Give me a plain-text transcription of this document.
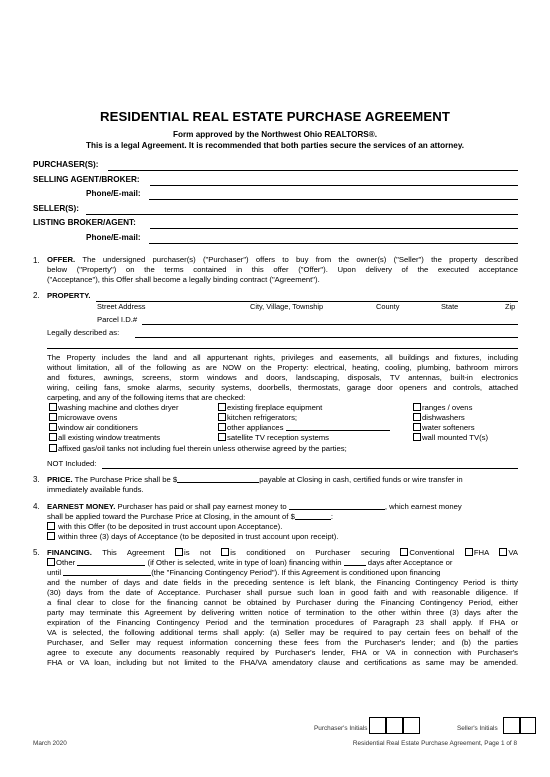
RESIDENTIAL REAL ESTATE PURCHASE AGREEMENT
Form approved by the Northwest Ohio REALTORS®.
This is a legal Agreement. It is recommended that both parties secure the services of an attorney.
PURCHASER(S):
SELLING AGENT/BROKER:
Phone/E-mail:
SELLER(S):
LISTING BROKER/AGENT:
Phone/E-mail:
1. OFFER. The undersigned purchaser(s) ("Purchaser") offers to buy from the owner(s) ("Seller") the property described
below ("Property") on the terms contained in this offer ("Offer"). Upon delivery of the executed acceptance
("Acceptance"), this Offer shall become a legally binding contract ("Agreement").
2. PROPERTY.
Street Address	City, Village, Township	County	State	Zip
Parcel I.D.#
Legally described as:
The Property includes the land and all appurtenant rights, privileges and easements, all buildings and fixtures, including
without limitation, all of the following as are NOW on the Property: electrical, heating, cooling, plumbing, bathroom mirrors
and fixtures, awnings, screens, storm windows and doors, landscaping, disposals, TV antennas, built-in electronics
wiring, ceiling fans, smoke alarms, security systems, doorbells, thermostats, garage door openers and controls, attached
carpeting, and any of the following items that are checked:
washing machine and clothes dryer	existing fireplace equipment	ranges / ovens
microwave ovens	kitchen refrigerators;	dishwashers
window air conditioners	other appliances	water softeners
all existing window treatments	satellite TV reception systems	wall mounted TV(s)
affixed gas/oil tanks not including fuel therein unless otherwise agreed by the parties;
NOT Included:
3. PRICE. The Purchase Price shall be $	payable at Closing in cash, certified funds or wire transfer in
immediately available funds.
4. EARNEST MONEY. Purchaser has paid or shall pay earnest money to	, which earnest money
shall be applied toward the Purchase Price at Closing, in the amount of $	:
with this Offer (to be deposited in trust account upon Acceptance).
within three (3) days of Acceptance (to be deposited in trust account upon receipt).
5. FINANCING. This Agreement is not is conditioned on Purchaser securing Conventional FHA VA
Other	(if Other is selected, write in type of loan) financing within	days after Acceptance or
until	(the "Financing Contingency Period"). If this Agreement is conditioned upon financing
and the number of days and date fields in the preceding sentence is left blank, the Financing Contingency Period is thirty
(30) days from the date of Acceptance. Purchaser shall pursue such loan in good faith and with reasonable diligence. If
a final clear to close for the financing cannot be obtained by Purchaser during the Financing Contingency Period, either
party may terminate this Agreement by delivering written notice of termination to the other within three (3) days after the
expiration of the Financing Contingency Period and the termination procedures of Paragraph 23 shall apply. If FHA or
VA is selected, the following additional terms shall apply: (a) Seller may be required to pay certain fees on behalf of the
Purchaser, and Seller may request information concerning these fees from the Purchaser's lender; and (b) the parties
agree to execute any documents reasonably required by Purchaser's lender, FHA or VA in connection with Purchaser's
FHA or VA loan, including but not limited to the FHA/VA amendatory clause and certifications as same may be amended.
Purchaser's Initials	Seller's Initials
March 2020	Residential Real Estate Purchase Agreement, Page 1 of 8
